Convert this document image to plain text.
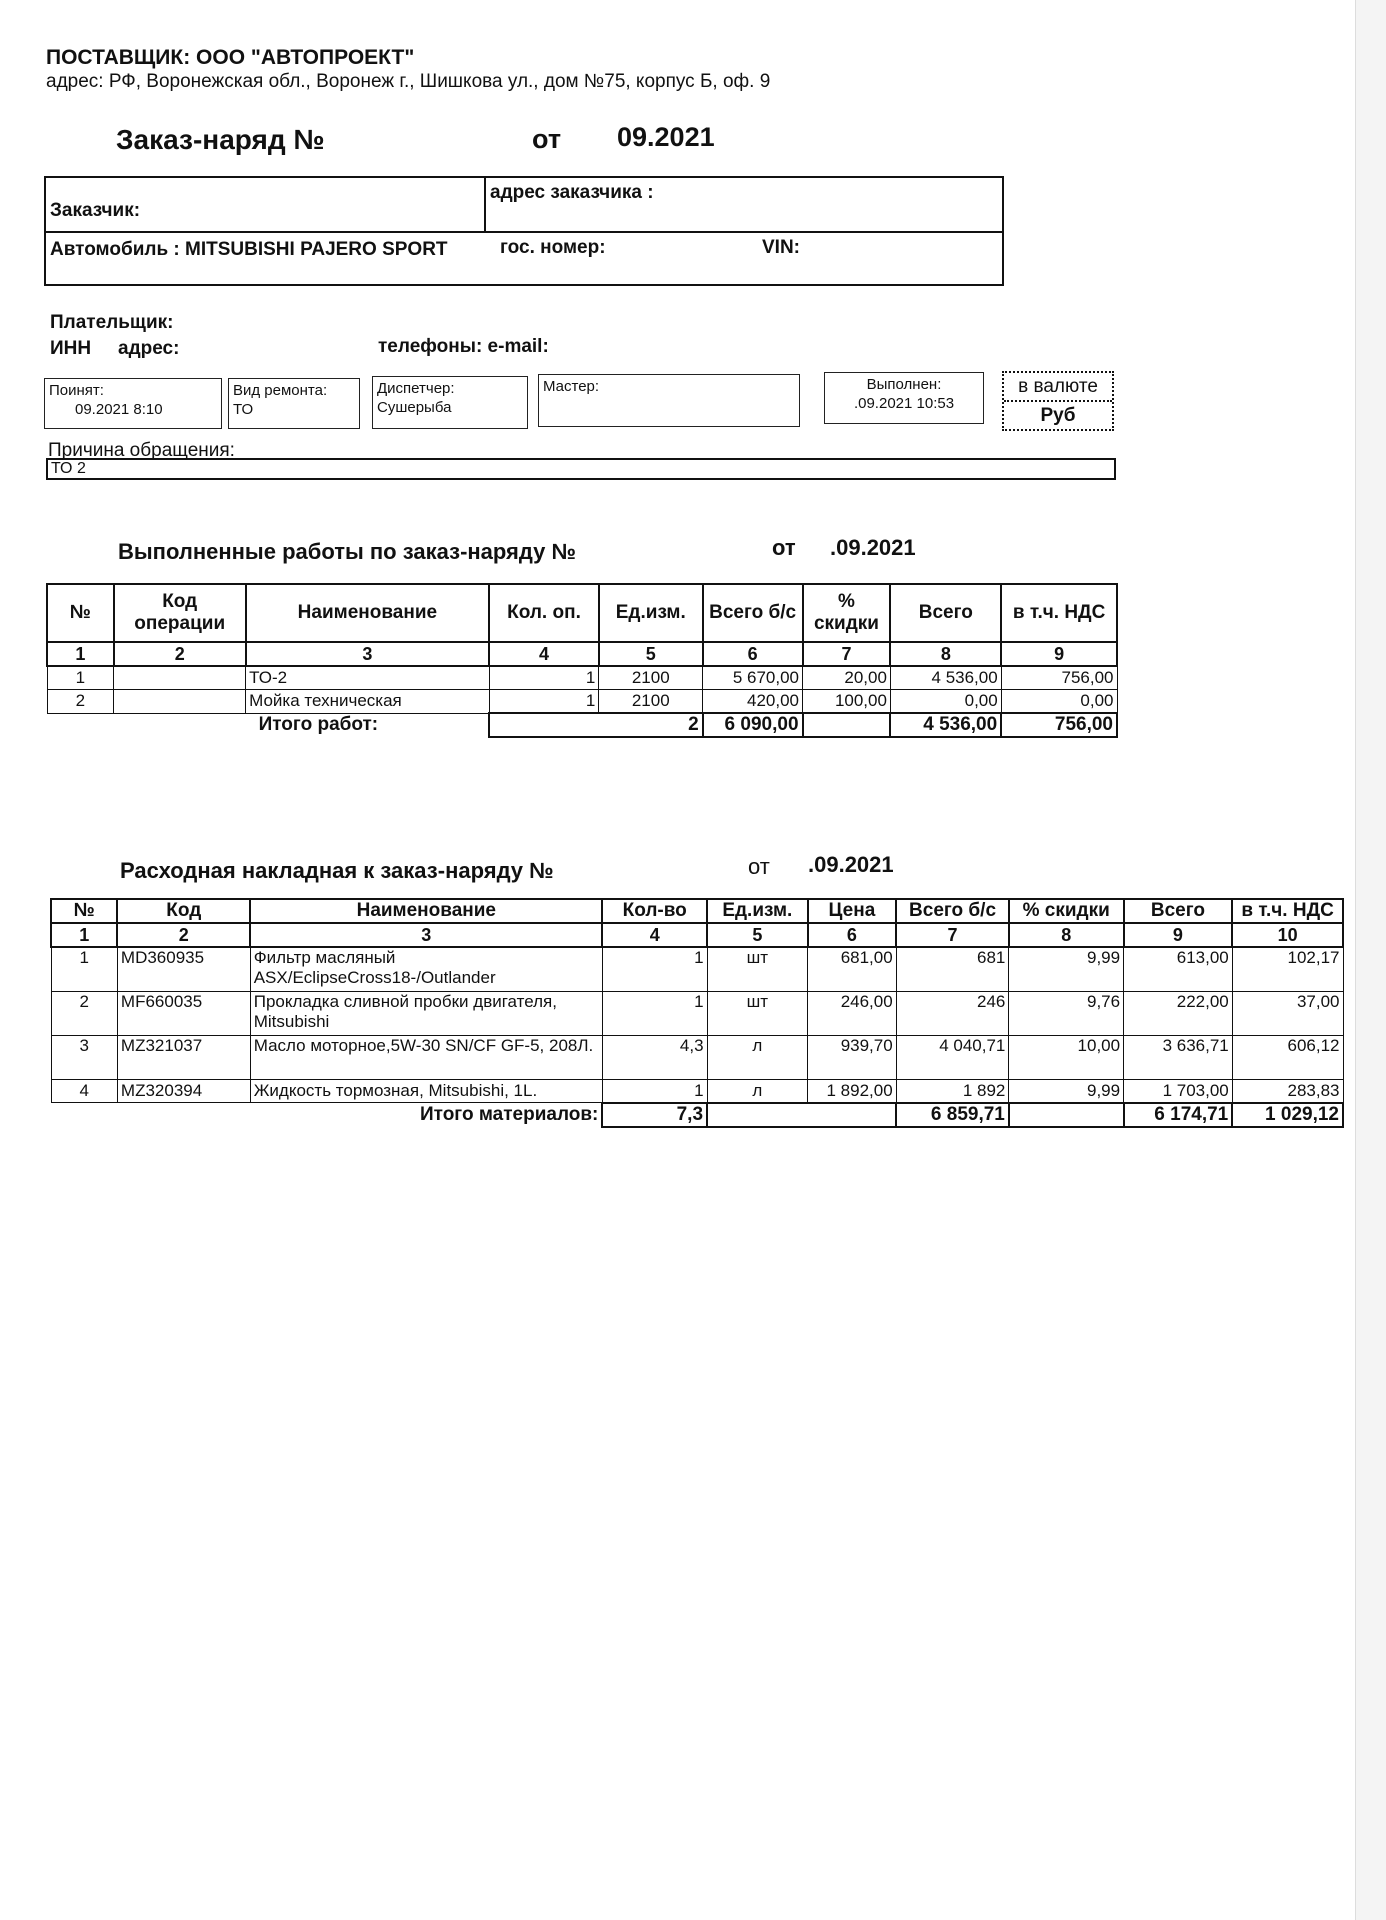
ПОСТАВЩИК: ООО "АВТОПРОЕКТ"
адрес: РФ, Воронежская обл., Воронеж г., Шишкова ул., дом №75, корпус Б, оф. 9
Заказ-наряд №	от 09.2021
Заказчик:
адрес заказчика :
Автомобиль : MITSUBISHI PAJERO SPORT	гос. номер:	VIN:
Плательщик:
ИНН адрес:	телефоны: e-mail:
Поинят:
09.2021 8:10
Вид ремонта:
ТО
Диспетчер:
Сушерыба
Мастер:	Выполнен:
.09.2021 10:53
в валюте
Руб
Причина обращения:
ТО 2
Выполненные работы по заказ-наряду №	от .09.2021
№	Код операции	Наименование	Кол. оп.	Ед.изм.	Всего б/с	% скидки	Всего	в т.ч. НДС
1	2	3	4	5	6	7	8	9
1		ТО-2	1	2100	5 670,00	20,00	4 536,00	756,00
2		Мойка техническая	1	2100	420,00	100,00	0,00	0,00
Итого работ:			2		6 090,00		4 536,00	756,00
Расходная накладная к заказ-наряду №	от .09.2021
№	Код	Наименование	Кол-во	Ед.изм.	Цена	Всего б/с	% скидки	Всего	в т.ч. НДС
1	2	3	4	5	6	7	8	9	10
1	MD360935	Фильтр масляный ASX/EclipseCross18-/Outlander	1	шт	681,00	681	9,99	613,00	102,17
2	MF660035	Прокладка сливной пробки двигателя, Mitsubishi	1	шт	246,00	246	9,76	222,00	37,00
3	MZ321037	Масло моторное,5W-30 SN/CF GF-5, 208Л.	4,3	л	939,70	4 040,71	10,00	3 636,71	606,12
4	MZ320394	Жидкость тормозная, Mitsubishi, 1L.	1	л	1 892,00	1 892	9,99	1 703,00	283,83
Итого материалов:			7,3			6 859,71		6 174,71	1 029,12
